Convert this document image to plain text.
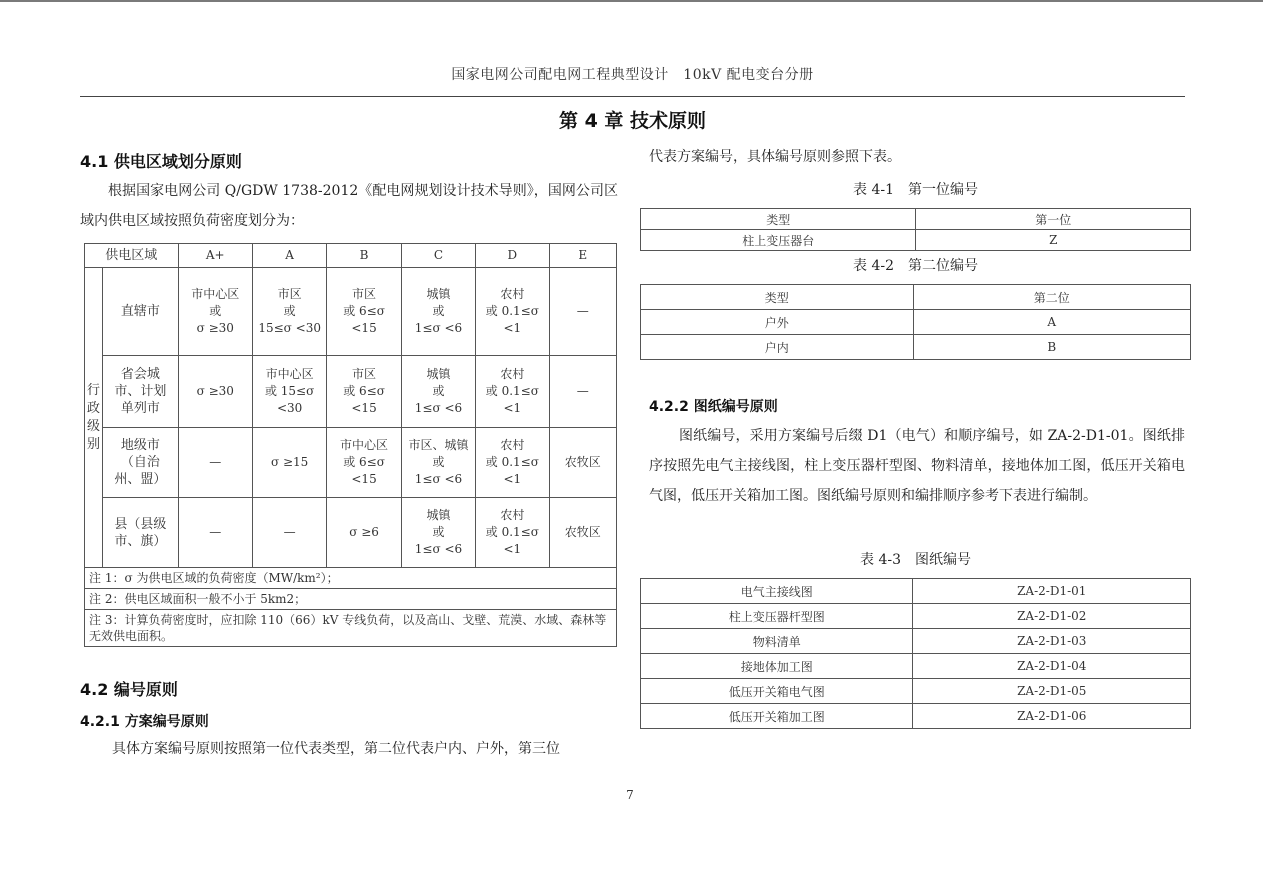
国家电网公司配电网工程典型设计　10kV 配电变台分册
第 4 章 技术原则
4.1 供电区域划分原则
根据国家电网公司 Q/GDW 1738-2012《配电网规划设计技术导则》，国网公司区域内供电区域按照负荷密度划分为：
供电区域		A+	A	B	C	D	E

行
政
级
别	直辖市	市中心区
或
σ ≥30	市区
或
15≤σ <30	市区
或 6≤σ
<15	城镇
或
1≤σ <6	农村
或 0.1≤σ
<1	—

	省会城
市、计划
单列市	σ ≥30	市中心区
或 15≤σ
<30	市区
或 6≤σ
<15	城镇
或
1≤σ <6	农村
或 0.1≤σ
<1	—

	地级市
（自治
州、盟）	—	σ ≥15	市中心区
或 6≤σ
<15	市区、城镇
或
1≤σ <6	农村
或 0.1≤σ
<1	农牧区

	县（县级
市、旗）	—	—	σ ≥6	城镇
或
1≤σ <6	农村
或 0.1≤σ
<1	农牧区

注 1：σ 为供电区域的负荷密度（MW/km²）；							
注 2：供电区域面积一般不小于 5km2；							
注 3：计算负荷密度时，应扣除 110（66）kV 专线负荷，以及高山、戈壁、荒漠、水域、森林等无效供电面积。							
4.2 编号原则
4.2.1 方案编号原则
具体方案编号原则按照第一位代表类型，第二位代表户内、户外，第三位
代表方案编号，具体编号原则参照下表。
表 4-1　第一位编号
类型	第一位
柱上变压器台	Z
表 4-2　第二位编号
类型	第二位
户外	A
户内	B
4.2.2 图纸编号原则
图纸编号，采用方案编号后缀 D1（电气）和顺序编号，如 ZA-2-D1-01。图纸排序按照先电气主接线图，柱上变压器杆型图、物料清单，接地体加工图，低压开关箱电气图，低压开关箱加工图。图纸编号原则和编排顺序参考下表进行编制。
表 4-3　图纸编号
电气主接线图	ZA-2-D1-01
柱上变压器杆型图	ZA-2-D1-02
物料清单	ZA-2-D1-03
接地体加工图	ZA-2-D1-04
低压开关箱电气图	ZA-2-D1-05
低压开关箱加工图	ZA-2-D1-06
7
